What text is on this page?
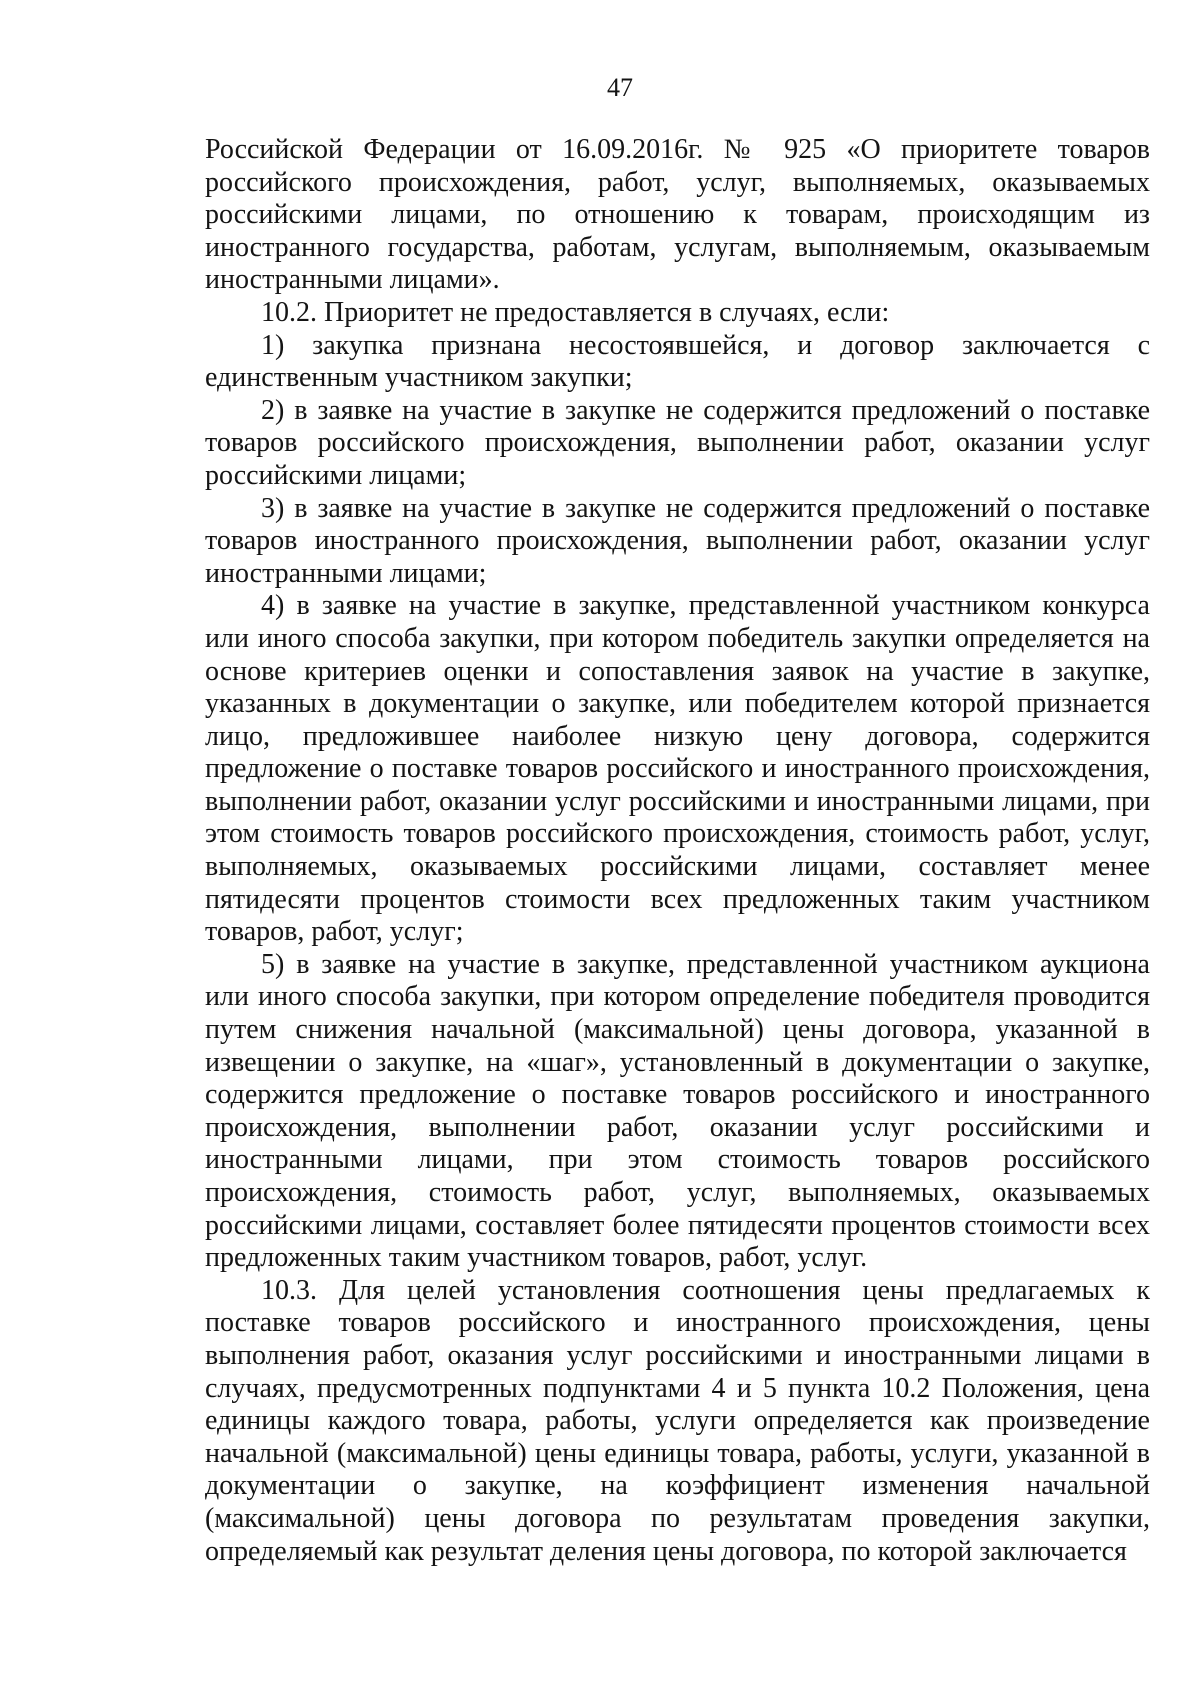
47

Российской Федерации от 16.09.2016г. № 925 «О приоритете товаров российского происхождения, работ, услуг, выполняемых, оказываемых российскими лицами, по отношению к товарам, происходящим из иностранного государства, работам, услугам, выполняемым, оказываемым иностранными лицами».

10.2. Приоритет не предоставляется в случаях, если:

1) закупка признана несостоявшейся, и договор заключается с единственным участником закупки;

2) в заявке на участие в закупке не содержится предложений о поставке товаров российского происхождения, выполнении работ, оказании услуг российскими лицами;

3) в заявке на участие в закупке не содержится предложений о поставке товаров иностранного происхождения, выполнении работ, оказании услуг иностранными лицами;

4) в заявке на участие в закупке, представленной участником конкурса или иного способа закупки, при котором победитель закупки определяется на основе критериев оценки и сопоставления заявок на участие в закупке, указанных в документации о закупке, или победителем которой признается лицо, предложившее наиболее низкую цену договора, содержится предложение о поставке товаров российского и иностранного происхождения, выполнении работ, оказании услуг российскими и иностранными лицами, при этом стоимость товаров российского происхождения, стоимость работ, услуг, выполняемых, оказываемых российскими лицами, составляет менее пятидесяти процентов стоимости всех предложенных таким участником товаров, работ, услуг;

5) в заявке на участие в закупке, представленной участником аукциона или иного способа закупки, при котором определение победителя проводится путем снижения начальной (максимальной) цены договора, указанной в извещении о закупке, на «шаг», установленный в документации о закупке, содержится предложение о поставке товаров российского и иностранного происхождения, выполнении работ, оказании услуг российскими и иностранными лицами, при этом стоимость товаров российского происхождения, стоимость работ, услуг, выполняемых, оказываемых российскими лицами, составляет более пятидесяти процентов стоимости всех предложенных таким участником товаров, работ, услуг.

10.3. Для целей установления соотношения цены предлагаемых к поставке товаров российского и иностранного происхождения, цены выполнения работ, оказания услуг российскими и иностранными лицами в случаях, предусмотренных подпунктами 4 и 5 пункта 10.2 Положения, цена единицы каждого товара, работы, услуги определяется как произведение начальной (максимальной) цены единицы товара, работы, услуги, указанной в документации о закупке, на коэффициент изменения начальной (максимальной) цены договора по результатам проведения закупки, определяемый как результат деления цены договора, по которой заключается
